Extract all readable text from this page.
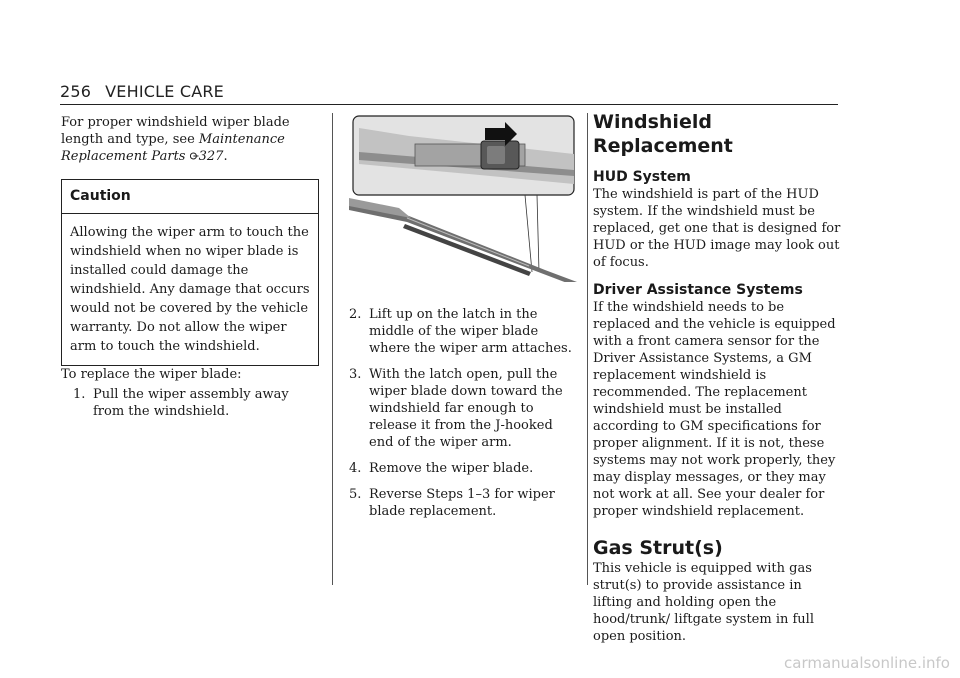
256 VEHICLE CARE

For proper windshield wiper blade length and type, see Maintenance Replacement Parts 327.

Caution
Allowing the wiper arm to touch the windshield when no wiper blade is installed could damage the windshield. Any damage that occurs would not be covered by the vehicle warranty. Do not allow the wiper arm to touch the windshield.

To replace the wiper blade:

1. Pull the wiper assembly away from the windshield.
2. Lift up on the latch in the middle of the wiper blade where the wiper arm attaches.
3. With the latch open, pull the wiper blade down toward the windshield far enough to release it from the J-hooked end of the wiper arm.
4. Remove the wiper blade.
5. Reverse Steps 1–3 for wiper blade replacement.
Windshield Replacement
HUD System

The windshield is part of the HUD system. If the windshield must be replaced, get one that is designed for HUD or the HUD image may look out of focus.

Driver Assistance Systems

If the windshield needs to be replaced and the vehicle is equipped with a front camera sensor for the Driver Assistance Systems, a GM replacement windshield is recommended. The replacement windshield must be installed according to GM specifications for proper alignment. If it is not, these systems may not work properly, they may display messages, or they may not work at all. See your dealer for proper windshield replacement.

Gas Strut(s)

This vehicle is equipped with gas strut(s) to provide assistance in lifting and holding open the hood/trunk/ liftgate system in full open position.

carmanualsonline.info
